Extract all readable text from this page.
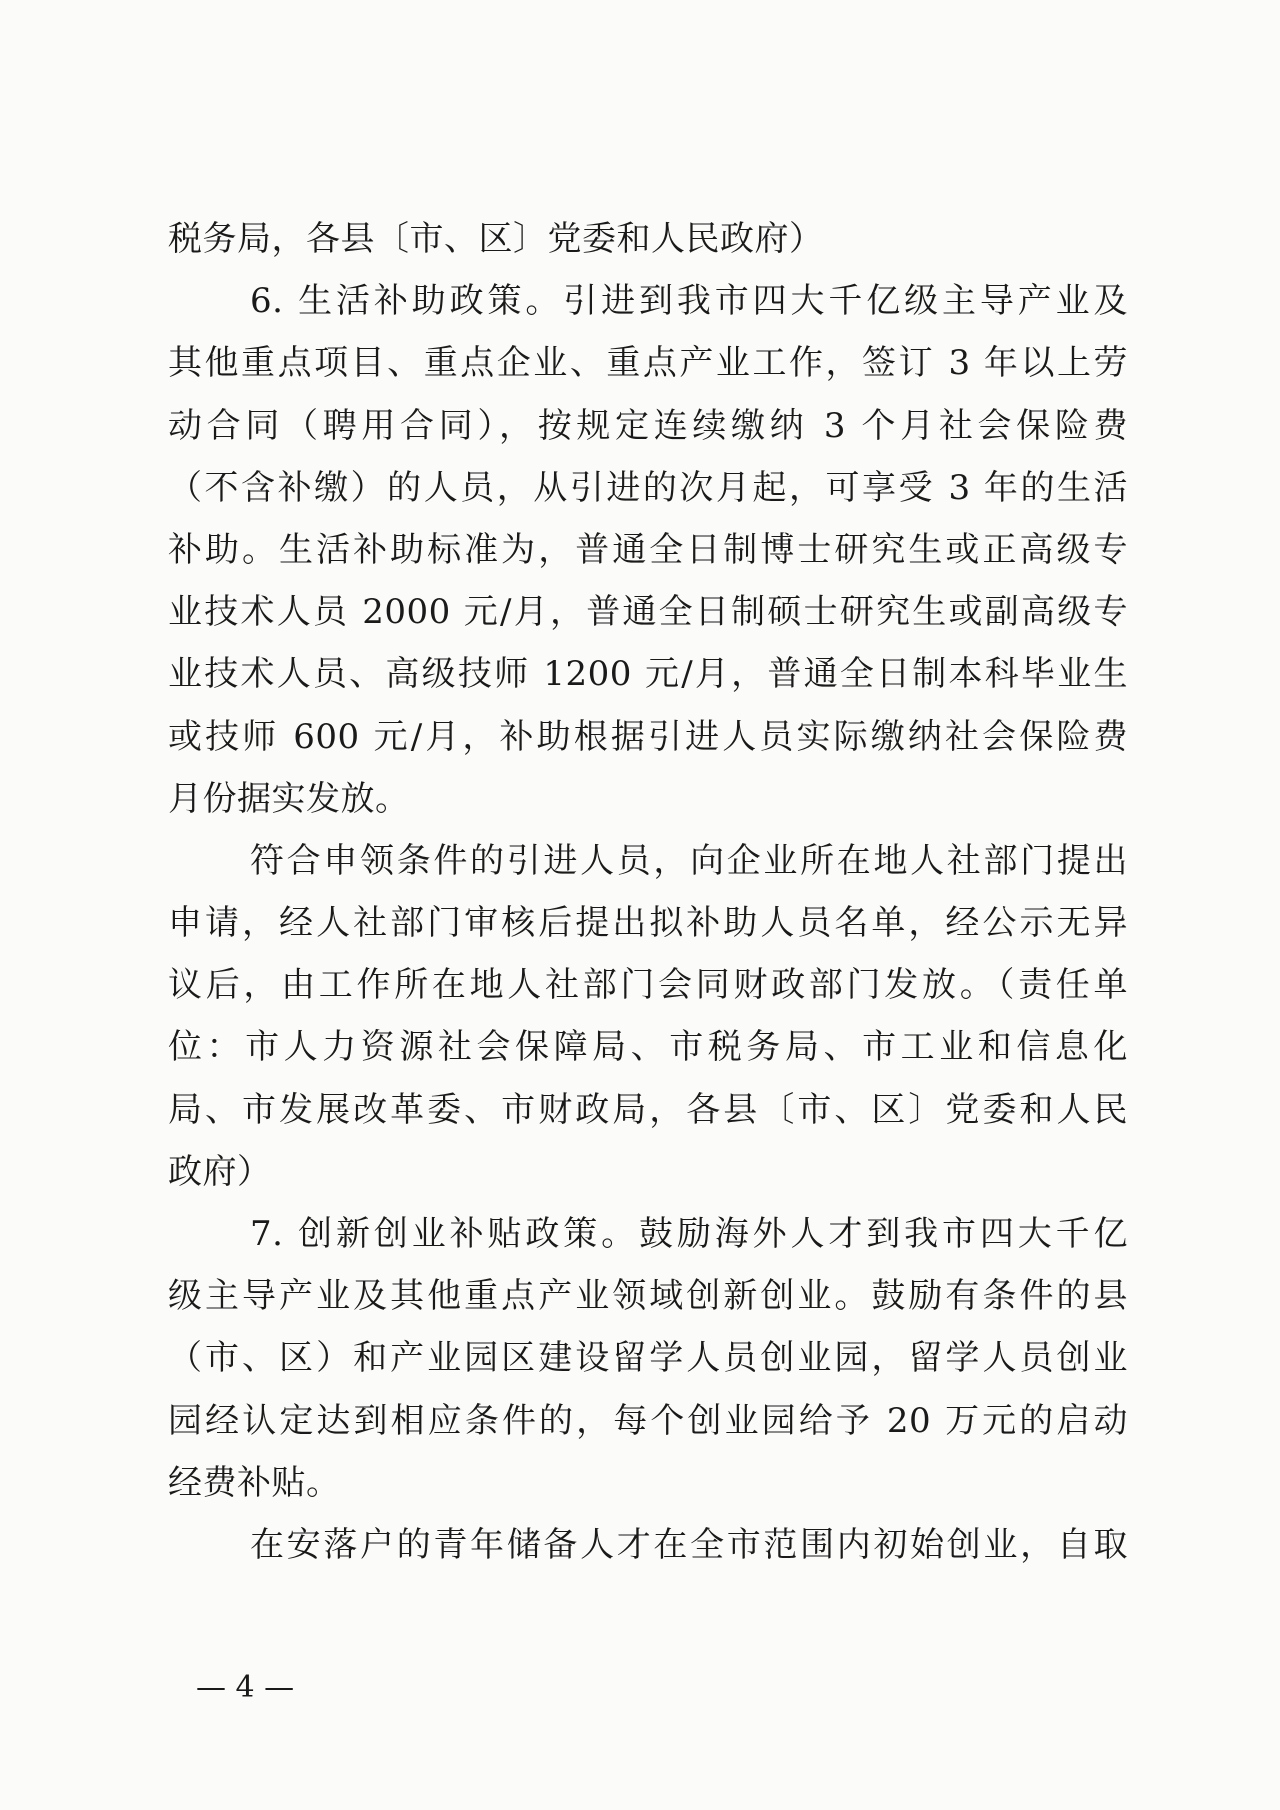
税务局，各县〔市、区〕党委和人民政府）
6. 生活补助政策。引进到我市四大千亿级主导产业及
其他重点项目、重点企业、重点产业工作，签订 3 年以上劳
动合同（聘用合同），按规定连续缴纳 3 个月社会保险费
（不含补缴）的人员，从引进的次月起，可享受 3 年的生活
补助。生活补助标准为，普通全日制博士研究生或正高级专
业技术人员 2000 元/月，普通全日制硕士研究生或副高级专
业技术人员、高级技师 1200 元/月，普通全日制本科毕业生
或技师 600 元/月，补助根据引进人员实际缴纳社会保险费
月份据实发放。
符合申领条件的引进人员，向企业所在地人社部门提出
申请，经人社部门审核后提出拟补助人员名单，经公示无异
议后，由工作所在地人社部门会同财政部门发放。（责任单
位：市人力资源社会保障局、市税务局、市工业和信息化
局、市发展改革委、市财政局，各县〔市、区〕党委和人民
政府）
7. 创新创业补贴政策。鼓励海外人才到我市四大千亿
级主导产业及其他重点产业领域创新创业。鼓励有条件的县
（市、区）和产业园区建设留学人员创业园，留学人员创业
园经认定达到相应条件的，每个创业园给予 20 万元的启动
经费补贴。
在安落户的青年储备人才在全市范围内初始创业，自取
— 4 —
